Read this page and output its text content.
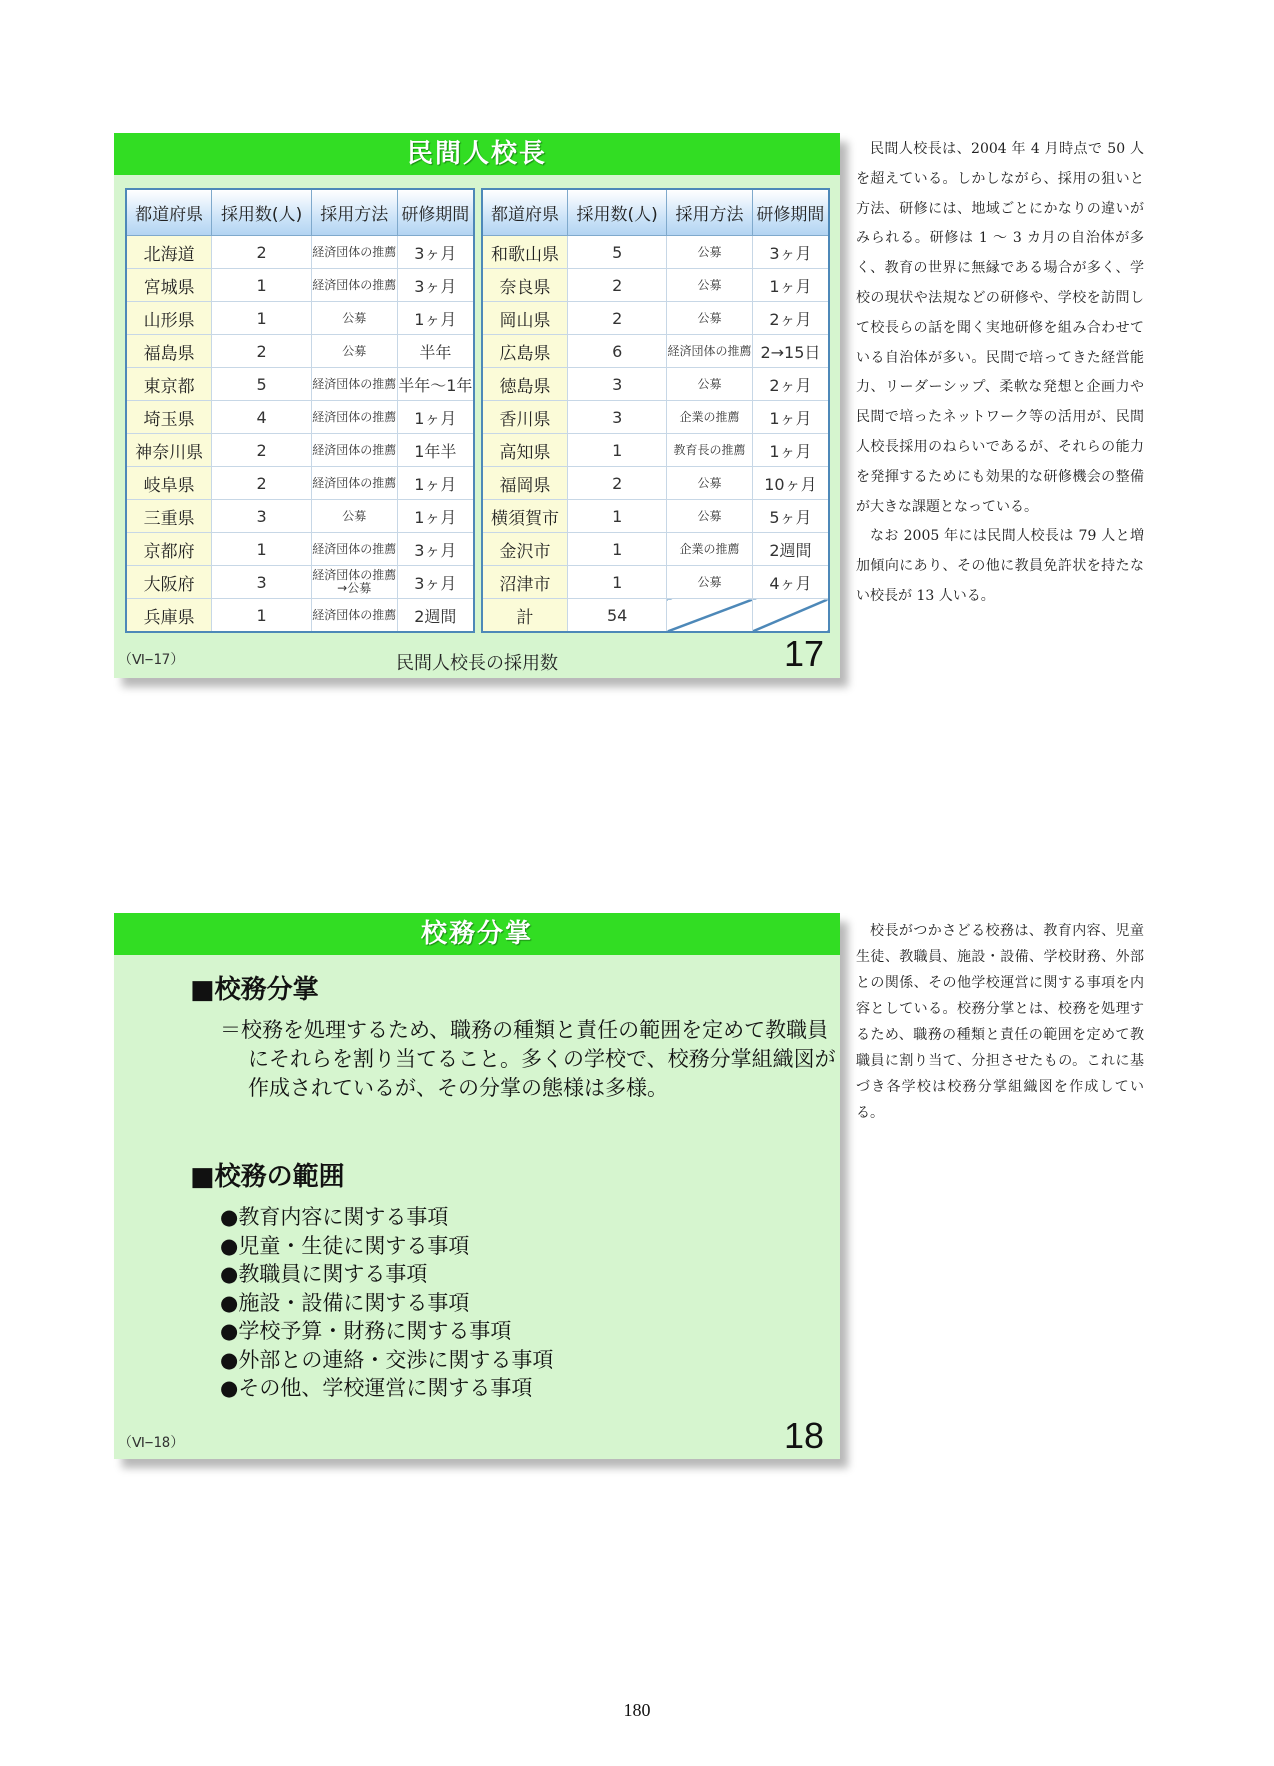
民間人校長
都道府県	採用数(人)	採用方法	研修期間
北海道	2	経済団体の推薦	3ヶ月
宮城県	1	経済団体の推薦	3ヶ月
山形県	1	公募	1ヶ月
福島県	2	公募	半年
東京都	5	経済団体の推薦	半年〜1年
埼玉県	4	経済団体の推薦	1ヶ月
神奈川県	2	経済団体の推薦	1年半
岐阜県	2	経済団体の推薦	1ヶ月
三重県	3	公募	1ヶ月
京都府	1	経済団体の推薦	3ヶ月
大阪府	3	経済団体の推薦→公募	3ヶ月
兵庫県	1	経済団体の推薦	2週間
都道府県	採用数(人)	採用方法	研修期間
和歌山県	5	公募	3ヶ月
奈良県	2	公募	1ヶ月
岡山県	2	公募	2ヶ月
広島県	6	経済団体の推薦	2→15日
徳島県	3	公募	2ヶ月
香川県	3	企業の推薦	1ヶ月
高知県	1	教育長の推薦	1ヶ月
福岡県	2	公募	10ヶ月
横須賀市	1	公募	5ヶ月
金沢市	1	企業の推薦	2週間
沼津市	1	公募	4ヶ月
計	54		
（Ⅵ−17）	民間人校長の採用数	17

民間人校長は、2004 年 4 月時点で 50 人を超えている。しかしながら、採用の狙いと方法、研修には、地域ごとにかなりの違いがみられる。研修は 1 〜 3 カ月の自治体が多く、教育の世界に無縁である場合が多く、学校の現状や法規などの研修や、学校を訪問して校長らの話を聞く実地研修を組み合わせている自治体が多い。民間で培ってきた経営能力、リーダーシップ、柔軟な発想と企画力や民間で培ったネットワーク等の活用が、民間人校長採用のねらいであるが、それらの能力を発揮するためにも効果的な研修機会の整備が大きな課題となっている。

なお 2005 年には民間人校長は 79 人と増加傾向にあり、その他に教員免許状を持たない校長が 13 人いる。

校務分掌
■校務分掌
＝校務を処理するため、職務の種類と責任の範囲を定めて教職員にそれらを割り当てること。多くの学校で、校務分掌組織図が作成されているが、その分掌の態様は多様。
■校務の範囲
●教育内容に関する事項
●児童・生徒に関する事項
●教職員に関する事項
●施設・設備に関する事項
●学校予算・財務に関する事項
●外部との連絡・交渉に関する事項
●その他、学校運営に関する事項
（Ⅵ−18）	18

校長がつかさどる校務は、教育内容、児童生徒、教職員、施設・設備、学校財務、外部との関係、その他学校運営に関する事項を内容としている。校務分掌とは、校務を処理するため、職務の種類と責任の範囲を定めて教職員に割り当て、分担させたもの。これに基づき各学校は校務分掌組織図を作成している。

180
